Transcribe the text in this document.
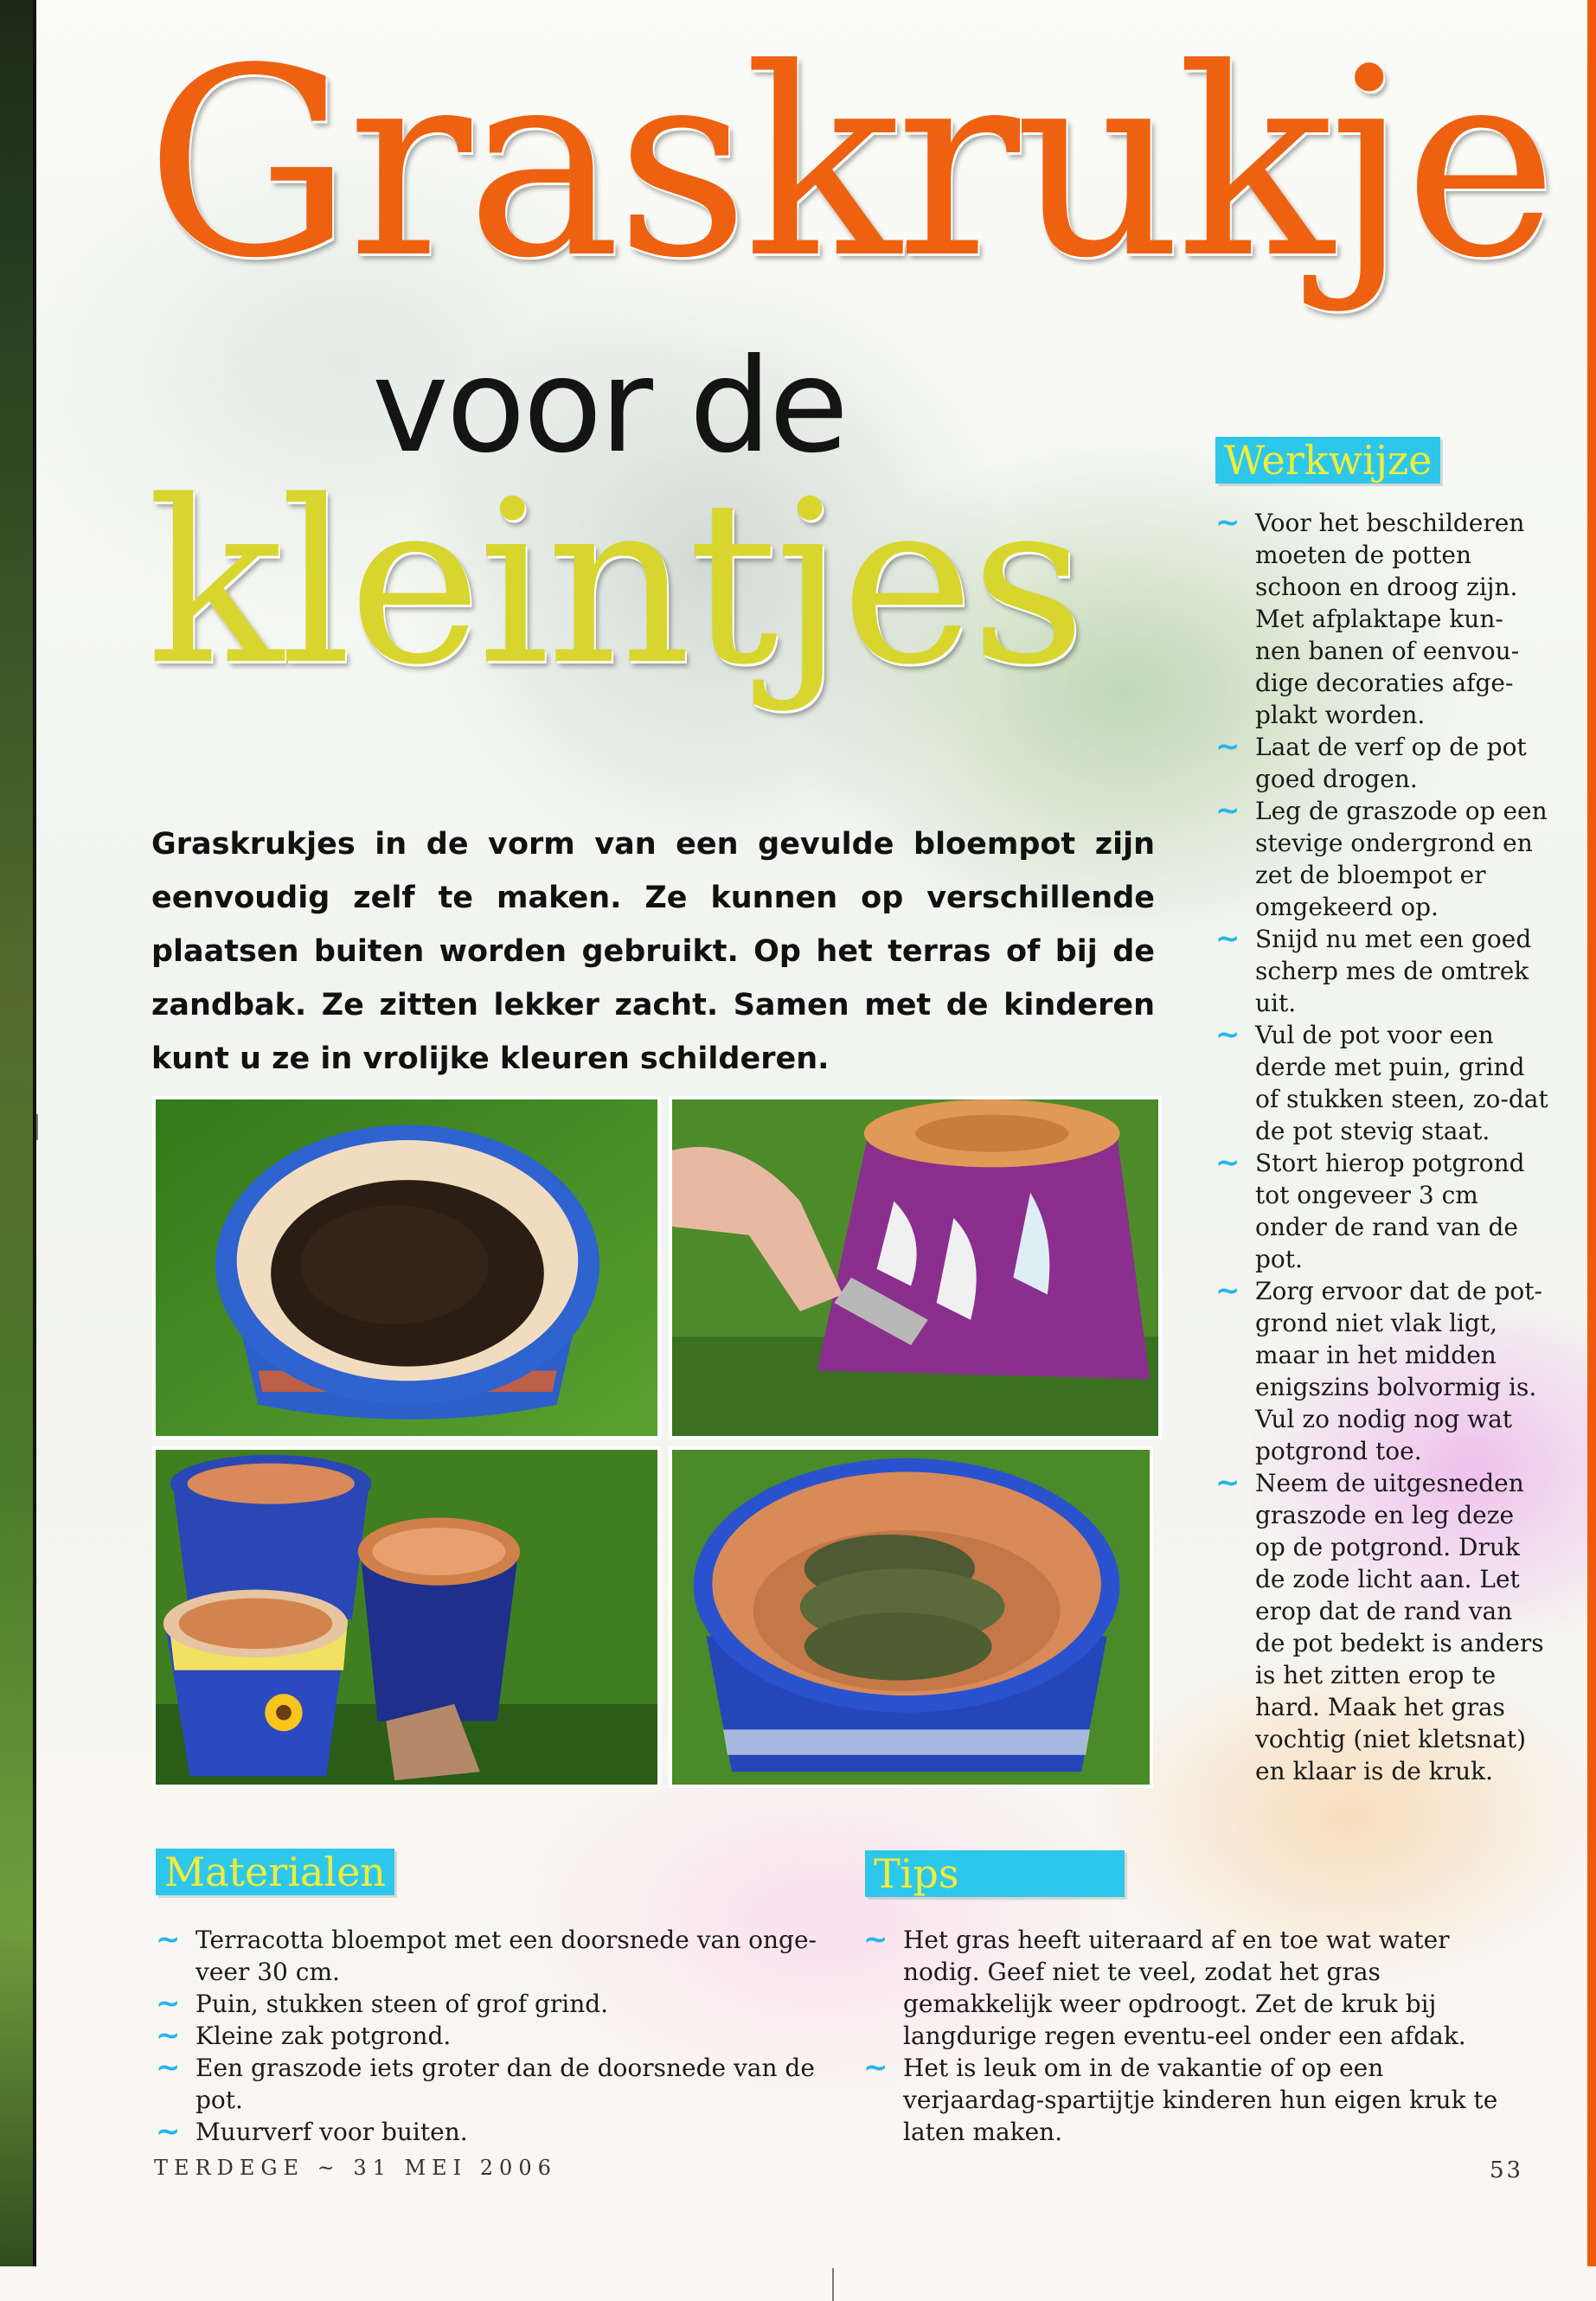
Graskrukje
voor de
kleintjes

Graskrukjes in de vorm van een gevulde bloempot zijn eenvoudig zelf te maken. Ze kunnen op verschillende plaatsen buiten worden gebruikt. Op het terras of bij de zandbak. Ze zitten lekker zacht. Samen met de kinderen kunt u ze in vrolijke kleuren schilderen.

Werkwijze
~ Voor het beschilderen moeten de potten schoon en droog zijn. Met afplaktape kun-nen banen of eenvou-dige decoraties afge-plakt worden.
~ Laat de verf op de pot goed drogen.
~ Leg de graszode op een stevige ondergrond en zet de bloempot er omgekeerd op.
~ Snijd nu met een goed scherp mes de omtrek uit.
~ Vul de pot voor een derde met puin, grind of stukken steen, zo-dat de pot stevig staat.
~ Stort hierop potgrond tot ongeveer 3 cm onder de rand van de pot.
~ Zorg ervoor dat de pot-grond niet vlak ligt, maar in het midden enigszins bolvormig is. Vul zo nodig nog wat potgrond toe.
~ Neem de uitgesneden graszode en leg deze op de potgrond. Druk de zode licht aan. Let erop dat de rand van de pot bedekt is anders is het zitten erop te hard. Maak het gras vochtig (niet kletsnat) en klaar is de kruk.
Materialen
~ Terracotta bloempot met een doorsnede van onge-veer 30 cm.
~ Puin, stukken steen of grof grind.
~ Kleine zak potgrond.
~ Een graszode iets groter dan de doorsnede van de pot.
~ Muurverf voor buiten.
Tips
~ Het gras heeft uiteraard af en toe wat water nodig. Geef niet te veel, zodat het gras gemakkelijk weer opdroogt. Zet de kruk bij langdurige regen eventu-eel onder een afdak.
~ Het is leuk om in de vakantie of op een verjaardag-spartijtje kinderen hun eigen kruk te laten maken.
TERDEGE ~ 31 MEI 2006	53
